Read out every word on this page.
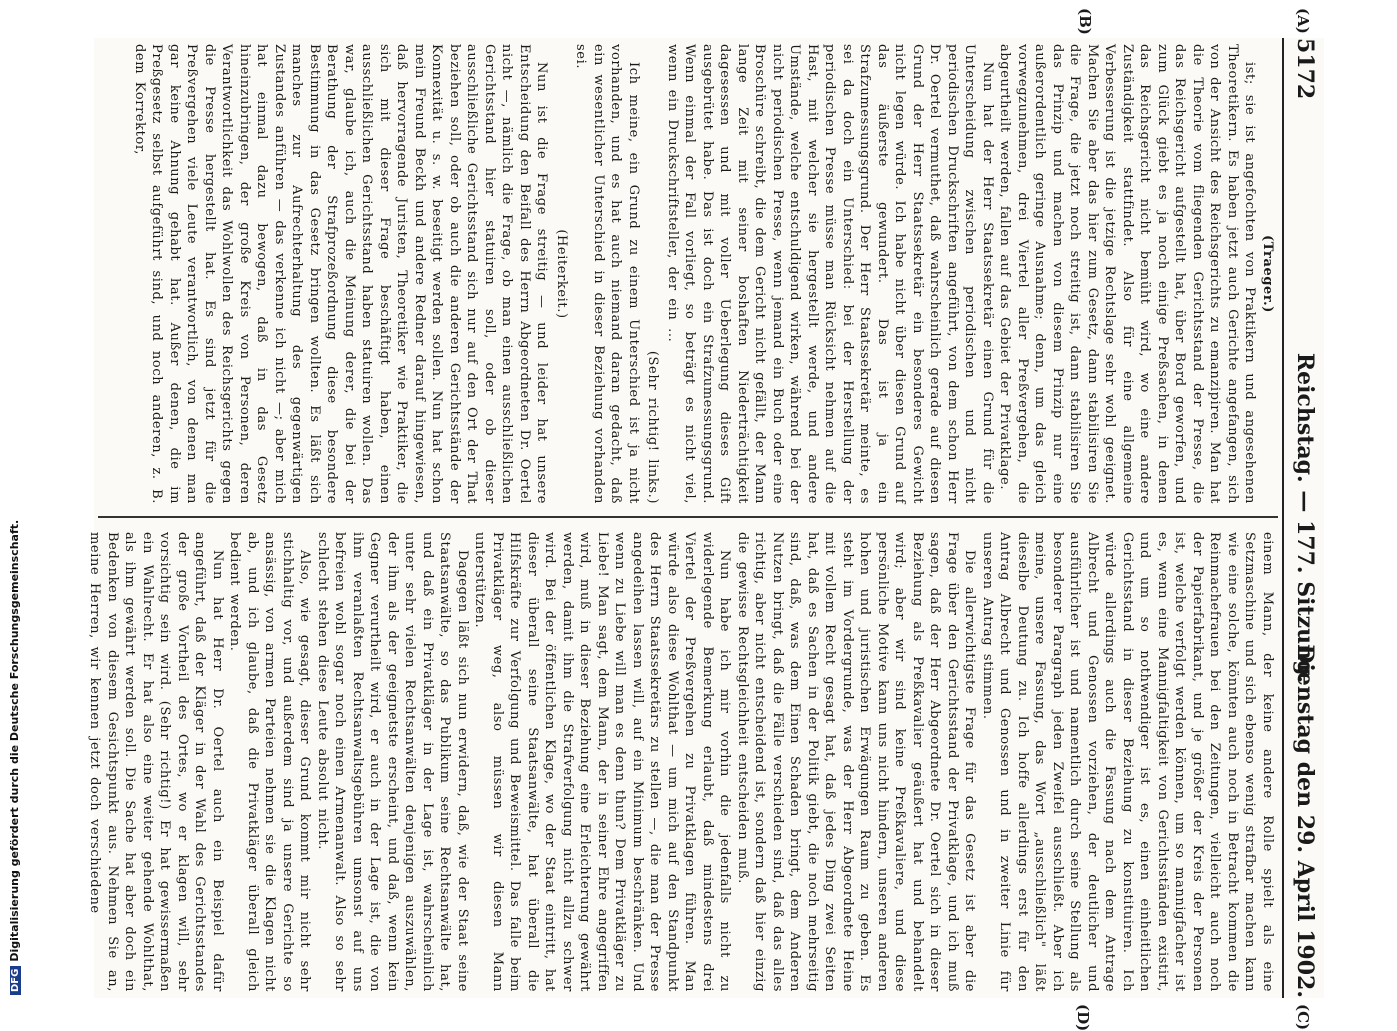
DFGDigitalisierung gefördert durch die Deutsche Forschungsgemeinschaft.
5172
Reichstag. — 177. Sitzung.
Dienstag den 29. April 1902.
(A)
(B)
(C)
(D)

(Traeger.)

ist; sie ist angefochten von Praktikern und angesehenen Theoretikern. Es haben jetzt auch Gerichte angefangen, sich von der Ansicht des Reichsgerichts zu emanzipiren. Man hat die Theorie vom fliegenden Gerichtsstand der Presse, die das Reichsgericht aufgestellt hat, über Bord geworfen, und zum Glück giebt es ja noch einige Preßsachen, in denen das Reichsgericht nicht bemüht wird, wo eine andere Zuständigkeit stattfindet. Also für eine allgemeine Verbesserung ist die jetzige Rechtslage sehr wohl geeignet. Machen Sie aber das hier zum Gesetz, dann stabilisiren Sie die Frage, die jetzt noch streitig ist, dann stabilisiren Sie das Prinzip und machen von diesem Prinzip nur eine außerordentlich geringe Ausnahme; denn, um das gleich vorwegzunehmen, drei Viertel aller Preßvergehen, die abgeurtheilt werden, fallen auf das Gebiet der Privatklage.

Nun hat der Herr Staatssekretär einen Grund für die Unterscheidung zwischen periodischen und nicht periodischen Druckschriften angeführt, von dem schon Herr Dr. Oertel vermuthet, daß wahrscheinlich gerade auf diesen Grund der Herr Staatssekretär ein besonderes Gewicht nicht legen würde. Ich habe nicht über diesen Grund auf das äußerste gewundert. Das ist ja ein Strafzumessungsgrund. Der Herr Staatssekretär meinte, es sei da doch ein Unterschied: bei der Herstellung der periodischen Presse müsse man Rücksicht nehmen auf die Hast, mit welcher sie hergestellt werde, und andere Umstände, welche entschuldigend wirken, während bei der nicht periodischen Presse, wenn jemand ein Buch oder eine Broschüre schreibt, die dem Gericht nicht gefällt, der Mann lange Zeit mit seiner boshaften Niederträchtigkeit dagesessen und mit voller Ueberlegung dieses Gift ausgebrütet habe. Das ist doch ein Strafzumessungsgrund. Wenn einmal der Fall vorliegt, so beträgt es nicht viel, wenn ein Druckschriftsteller, der ein ...

(Sehr richtig! links.)

Ich meine, ein Grund zu einem Unterschied ist ja nicht vorhanden, und es hat auch niemand daran gedacht, daß ein wesentlicher Unterschied in dieser Beziehung vorhanden sei.

(Heiterkeit.)

Nun ist die Frage streitig — und leider hat unsere Entscheidung den Beifall des Herrn Abgeordneten Dr. Oertel nicht —, nämlich die Frage, ob man einen ausschließlichen Gerichtsstand hier statuiren soll, oder ob dieser ausschließliche Gerichtsstand sich nur auf den Ort der That beziehen soll, oder ob auch die anderen Gerichtsstände der Konnexität u. s. w. beseitigt werden sollen. Nun hat schon mein Freund Beckh und andere Redner darauf hingewiesen, daß hervorragende Juristen, Theoretiker wie Praktiker, die sich mit dieser Frage beschäftigt haben, einen ausschließlichen Gerichtsstand haben statuiren wollen. Das war, glaube ich, auch die Meinung derer, die bei der Berathung der Strafprozeßordnung diese besondere Bestimmung in das Gesetz bringen wollten. Es läßt sich manches zur Aufrechterhaltung des gegenwärtigen Zustandes anführen — das verkenne ich nicht —; aber mich hat einmal dazu bewogen, daß in das Gesetz hineinzubringen, der große Kreis von Personen, deren Verantwortlichkeit das Wohlwollen des Reichsgerichts gegen die Presse hergestellt hat. Es sind jetzt für die Preßvergehen viele Leute verantwortlich, von denen man gar keine Ahnung gehabt hat. Außer denen, die im Preßgesetz selbst aufgeführt sind, und noch anderen, z. B. dem Korrektor,

einem Mann, der keine andere Rolle spielt als eine Setzmaschine und sich ebenso wenig strafbar machen kann wie eine solche, könnten auch noch in Betracht kommen die Reinmachefrauen bei den Zeitungen, vielleicht auch noch der Papierfabrikant, und je größer der Kreis der Personen ist, welche verfolgt werden können, um so mannigfacher ist es, wenn eine Mannigfaltigkeit von Gerichtsständen existirt, und um so nothwendiger ist es, einen einheitlichen Gerichtsstand in dieser Beziehung zu konstituiren. Ich würde allerdings auch die Fassung nach dem Antrage Albrecht und Genossen vorziehen, der deutlicher und ausführlicher ist und namentlich durch seine Stellung als besonderer Paragraph jeden Zweifel ausschließt. Aber ich meine, unsere Fassung, das Wort „ausschließlich" läßt dieselbe Deutung zu. Ich hoffe allerdings erst für den Antrag Albrecht und Genossen und in zweiter Linie für unseren Antrag stimmen.

Die allerwichtigste Frage für das Gesetz ist aber die Frage über den Gerichtsstand der Privatklage, und ich muß sagen, daß der Herr Abgeordnete Dr. Oertel sich in dieser Beziehung als Preßkavalier geäußert hat und behandelt wird; aber wir sind keine Preßkavaliere, und diese persönliche Motive kann uns nicht hindern, unseren anderen hohen und juristischen Erwägungen Raum zu geben. Es steht im Vordergrunde, was der Herr Abgeordnete Heine mit vollem Recht gesagt hat, daß jedes Ding zwei Seiten hat, daß es Sachen in der Politik giebt, die noch mehrseitig sind, daß, was dem Einen Schaden bringt, dem Anderen Nutzen bringt, daß die Fälle verschieden sind, daß das alles richtig, aber nicht entscheidend ist, sondern daß hier einzig die gewisse Rechtsgleichheit entscheiden muß.

Nun habe ich mir vorhin die jedenfalls nicht zu widerlegende Bemerkung erlaubt, daß mindestens drei Viertel der Preßvergehen zu Privatklagen führen. Man würde also diese Wohlthat — um mich auf den Standpunkt des Herrn Staatssekretärs zu stellen —, die man der Presse angedeihen lassen will, auf ein Minimum beschränken. Und wenn zu Liebe will man es denn thun? Dem Privatkläger zu Liebe! Man sagt, dem Mann, der in seiner Ehre angegriffen wird, muß in dieser Beziehung eine Erleichterung gewährt werden, damit ihm die Strafverfolgung nicht allzu schwer wird. Bei der öffentlichen Klage, wo der Staat eintritt, hat dieser überall seine Staatsanwälte, hat überall die Hilfskräfte zur Verfolgung und Beweismittel. Das falle beim Privatkläger weg, also müssen wir diesen Mann unterstützen.

Dagegen läßt sich nun erwidern, daß, wie der Staat seine Staatsanwälte, so das Publikum seine Rechtsanwälte hat, und daß ein Privatkläger in der Lage ist, wahrscheinlich unter sehr vielen Rechtsanwälten denjenigen auszuwählen, der ihm als der geeignetste erscheint, und daß, wenn kein Gegner verurtheilt wird, er auch in der Lage ist, die von ihm veranlaßten Rechtsanwaltsgebühren umsonst auf uns befreien wohl sogar noch einen Armenanwalt. Also so sehr schlecht stehen diese Leute absolut nicht.

Also, wie gesagt, dieser Grund kommt mir nicht sehr stichhaltig vor, und außerdem sind ja unsere Gerichte so ansässig, von armen Parteien nehmen sie die Klagen nicht ab, und ich glaube, daß die Privatkläger überall gleich bedient werden.

Nun hat Herr Dr. Oertel auch ein Beispiel dafür angeführt, daß der Kläger in der Wahl des Gerichtsstandes der große Vortheil des Ortes, wo er klagen will, sehr vorsichtig sein wird. (Sehr richtig!) Er hat gewissermaßen ein Wahlrecht. Er hat also eine weiter gehende Wohlthat, als ihm gewährt werden soll. Die Sache hat aber doch ein Bedenken von diesem Gesichtspunkt aus. Nehmen Sie an, meine Herren, wir kennen jetzt doch verschiedene
